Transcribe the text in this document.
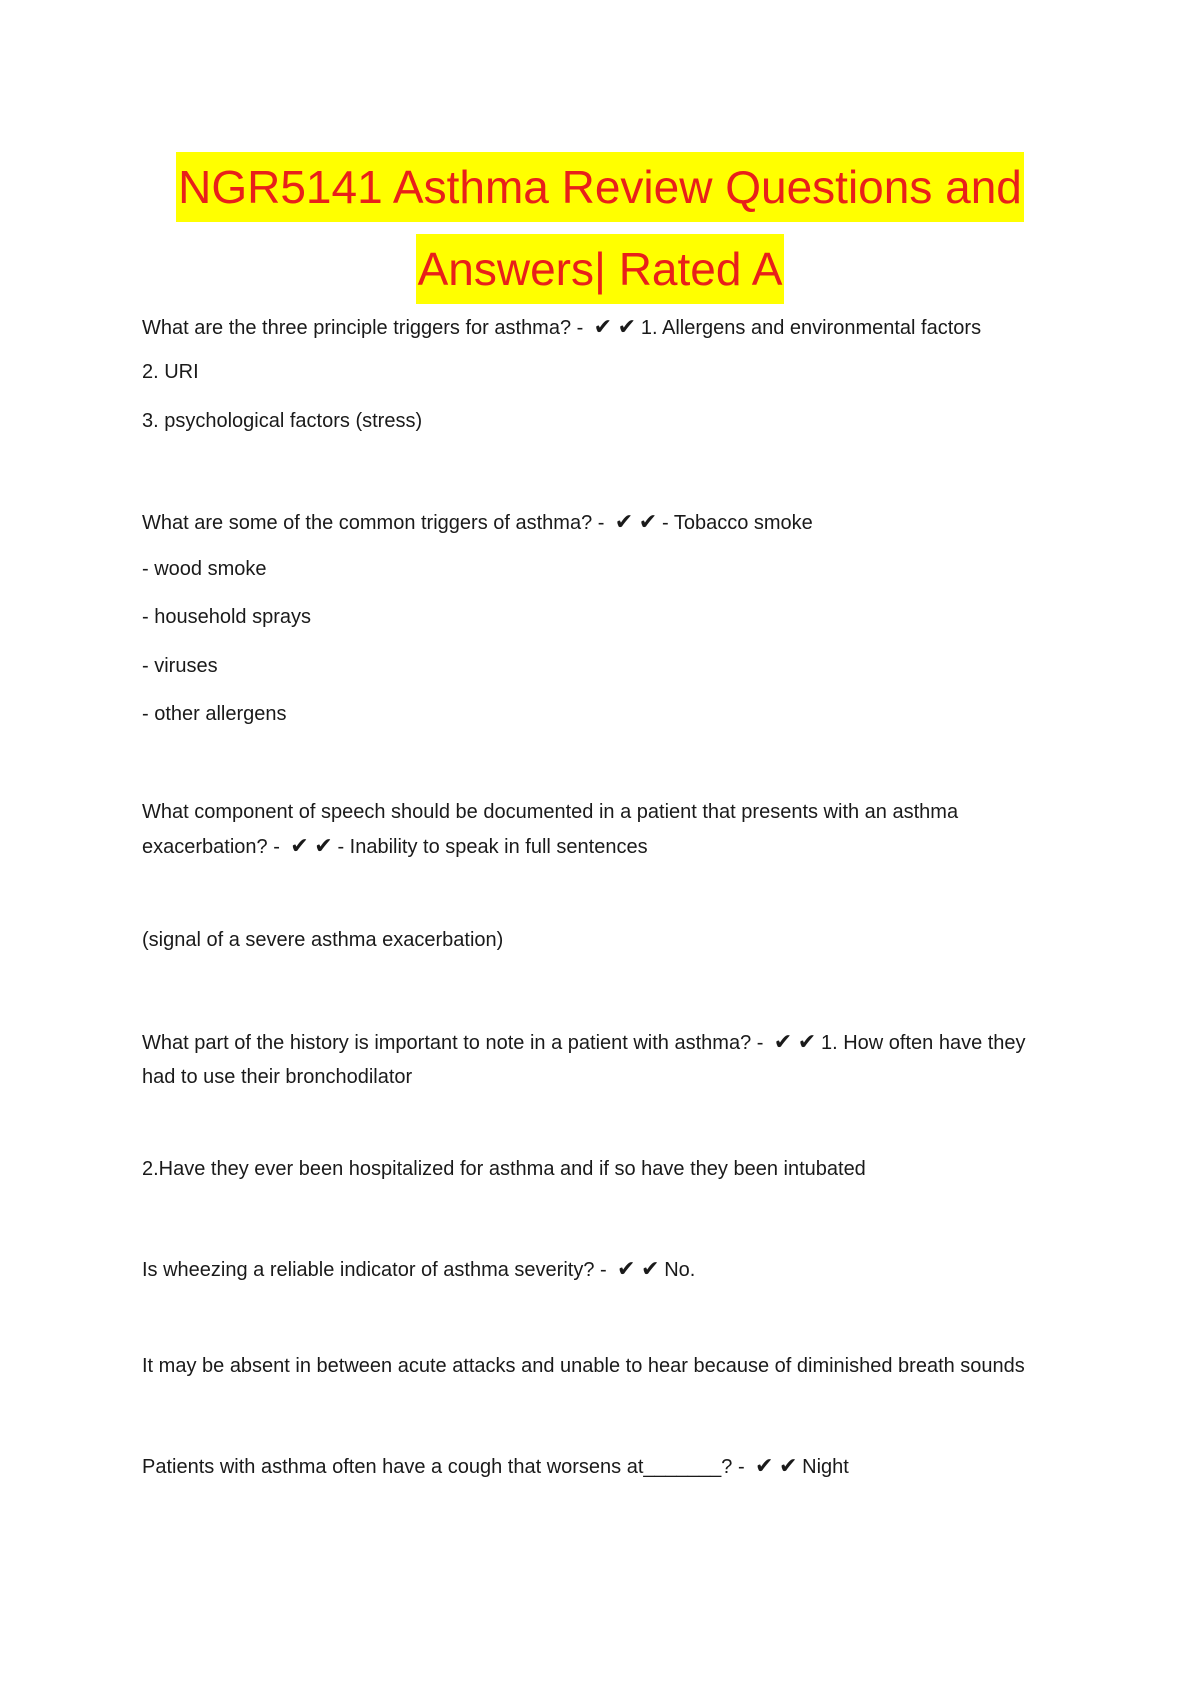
NGR5141 Asthma Review Questions and
Answers| Rated A
What are the three principle triggers for asthma? - ✔ ✔ 1. Allergens and environmental factors
2. URI
3. psychological factors (stress)
What are some of the common triggers of asthma? - ✔ ✔ - Tobacco smoke
- wood smoke
- household sprays
- viruses
- other allergens
What component of speech should be documented in a patient that presents with an asthma exacerbation? - ✔ ✔ - Inability to speak in full sentences
(signal of a severe asthma exacerbation)
What part of the history is important to note in a patient with asthma? - ✔ ✔ 1. How often have they had to use their bronchodilator
2.Have they ever been hospitalized for asthma and if so have they been intubated
Is wheezing a reliable indicator of asthma severity? - ✔ ✔ No.
It may be absent in between acute attacks and unable to hear because of diminished breath sounds
Patients with asthma often have a cough that worsens at_______? - ✔ ✔ Night
